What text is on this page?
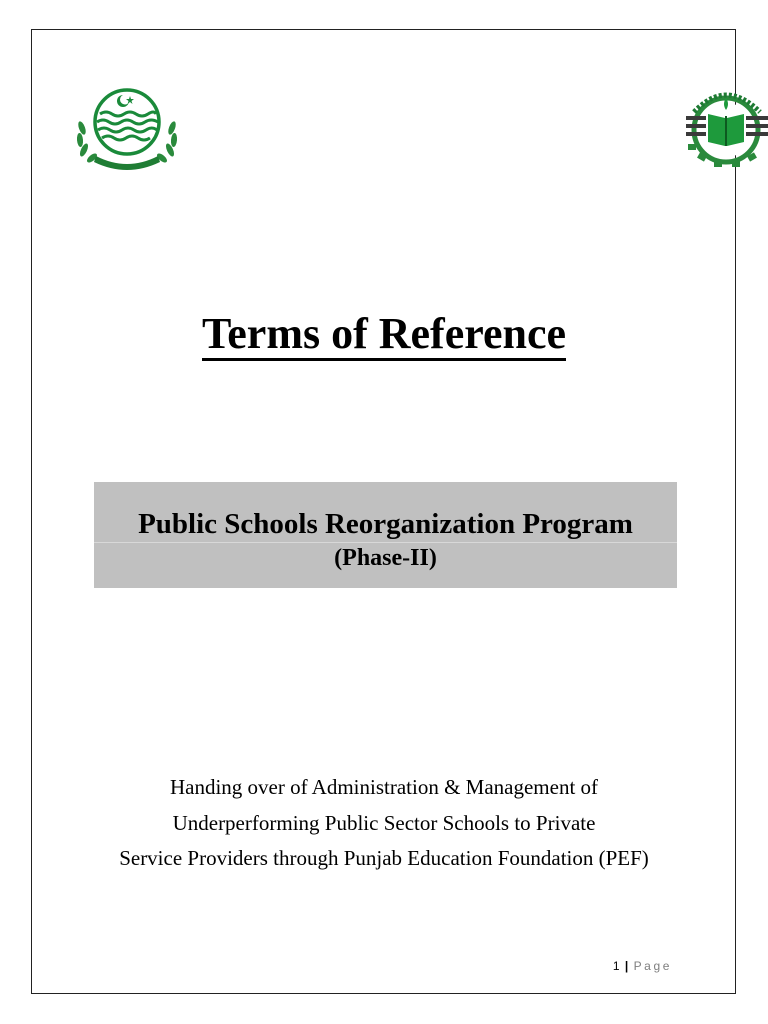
Terms of Reference
Public Schools Reorganization Program
(Phase-II)
Handing over of Administration & Management of
Underperforming Public Sector Schools to Private
Service Providers through Punjab Education Foundation (PEF)
1 | Page
